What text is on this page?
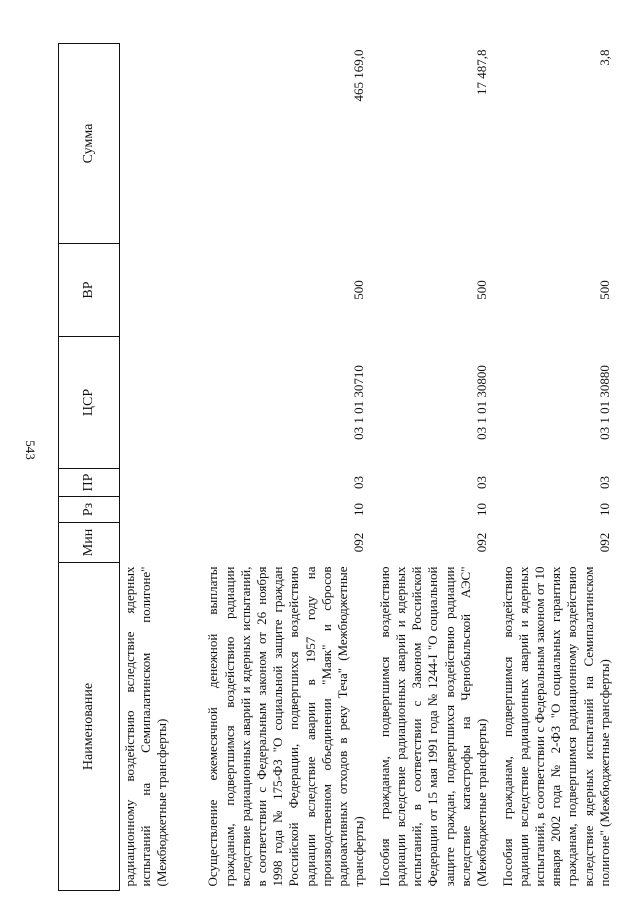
543
Наименование	Мин	Рз	ПР	ЦСР	ВР	Сумма
радиационному воздействию вследствие ядерных испытаний на Семипалатинском полигоне" (Межбюджетные трансферты)						
Осуществление ежемесячной денежной выплаты гражданам, подвергшимся воздействию радиации вследствие радиационных аварий и ядерных испытаний, в соответствии с Федеральным законом от 26 ноября 1998 года № 175-ФЗ "О социальной защите граждан Российской Федерации, подвергшихся воздействию радиации вследствие аварии в 1957 году на производственном объединении "Маяк" и сбросов радиоактивных отходов в реку Теча" (Межбюджетные трансферты)	092	10	03	03 1 01 30710	500	465 169,0
Пособия гражданам, подвергшимся воздействию радиации вследствие радиационных аварий и ядерных испытаний, в соответствии с Законом Российской Федерации от 15 мая 1991 года № 1244-I "О социальной защите граждан, подвергшихся воздействию радиации вследствие катастрофы на Чернобыльской АЭС" (Межбюджетные трансферты)	092	10	03	03 1 01 30800	500	17 487,8
Пособия гражданам, подвергшимся воздействию радиации вследствие радиационных аварий и ядерных испытаний, в соответствии с Федеральным законом от 10 января 2002 года № 2-ФЗ "О социальных гарантиях гражданам, подвергшимся радиационному воздействию вследствие ядерных испытаний на Семипалатинском полигоне" (Межбюджетные трансферты)	092	10	03	03 1 01 30880	500	3,8
